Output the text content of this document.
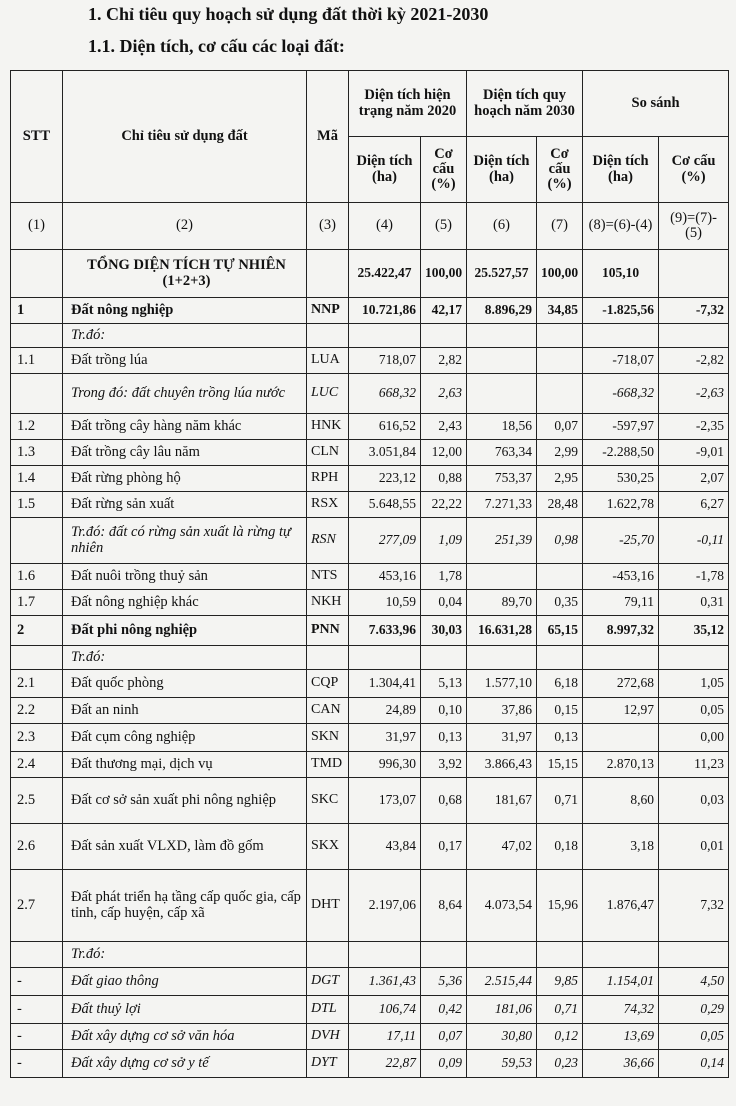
1. Chỉ tiêu quy hoạch sử dụng đất thời kỳ 2021-2030
1.1. Diện tích, cơ cấu các loại đất:
STT	Chỉ tiêu sử dụng đất	Mã	Diện tích hiện trạng năm 2020		Diện tích quy hoạch năm 2030		So sánh	
			Diện tích (ha)	Cơ cấu (%)	Diện tích (ha)	Cơ cấu (%)	Diện tích (ha)	Cơ cấu (%)
(1)	(2)	(3)	(4)	(5)	(6)	(7)	(8)=(6)-(4)	(9)=(7)-(5)
	TỔNG DIỆN TÍCH TỰ NHIÊN (1+2+3)		25.422,47	100,00	25.527,57	100,00	105,10	
1	Đất nông nghiệp	NNP	10.721,86	42,17	8.896,29	34,85	-1.825,56	-7,32
	Tr.đó:							
1.1	Đất trồng lúa	LUA	718,07	2,82			-718,07	-2,82
	Trong đó: đất chuyên trồng lúa nước	LUC	668,32	2,63			-668,32	-2,63
1.2	Đất trồng cây hàng năm khác	HNK	616,52	2,43	18,56	0,07	-597,97	-2,35
1.3	Đất trồng cây lâu năm	CLN	3.051,84	12,00	763,34	2,99	-2.288,50	-9,01
1.4	Đất rừng phòng hộ	RPH	223,12	0,88	753,37	2,95	530,25	2,07
1.5	Đất rừng sản xuất	RSX	5.648,55	22,22	7.271,33	28,48	1.622,78	6,27
	Tr.đó: đất có rừng sản xuất là rừng tự nhiên	RSN	277,09	1,09	251,39	0,98	-25,70	-0,11
1.6	Đất nuôi trồng thuỷ sản	NTS	453,16	1,78			-453,16	-1,78
1.7	Đất nông nghiệp khác	NKH	10,59	0,04	89,70	0,35	79,11	0,31
2	Đất phi nông nghiệp	PNN	7.633,96	30,03	16.631,28	65,15	8.997,32	35,12
	Tr.đó:							
2.1	Đất quốc phòng	CQP	1.304,41	5,13	1.577,10	6,18	272,68	1,05
2.2	Đất an ninh	CAN	24,89	0,10	37,86	0,15	12,97	0,05
2.3	Đất cụm công nghiệp	SKN	31,97	0,13	31,97	0,13		0,00
2.4	Đất thương mại, dịch vụ	TMD	996,30	3,92	3.866,43	15,15	2.870,13	11,23
2.5	Đất cơ sở sản xuất phi nông nghiệp	SKC	173,07	0,68	181,67	0,71	8,60	0,03
2.6	Đất sản xuất VLXD, làm đồ gốm	SKX	43,84	0,17	47,02	0,18	3,18	0,01
2.7	Đất phát triển hạ tầng cấp quốc gia, cấp tỉnh, cấp huyện, cấp xã	DHT	2.197,06	8,64	4.073,54	15,96	1.876,47	7,32
	Tr.đó:							
-	Đất giao thông	DGT	1.361,43	5,36	2.515,44	9,85	1.154,01	4,50
-	Đất thuỷ lợi	DTL	106,74	0,42	181,06	0,71	74,32	0,29
-	Đất xây dựng cơ sở văn hóa	DVH	17,11	0,07	30,80	0,12	13,69	0,05
-	Đất xây dựng cơ sở y tế	DYT	22,87	0,09	59,53	0,23	36,66	0,14
